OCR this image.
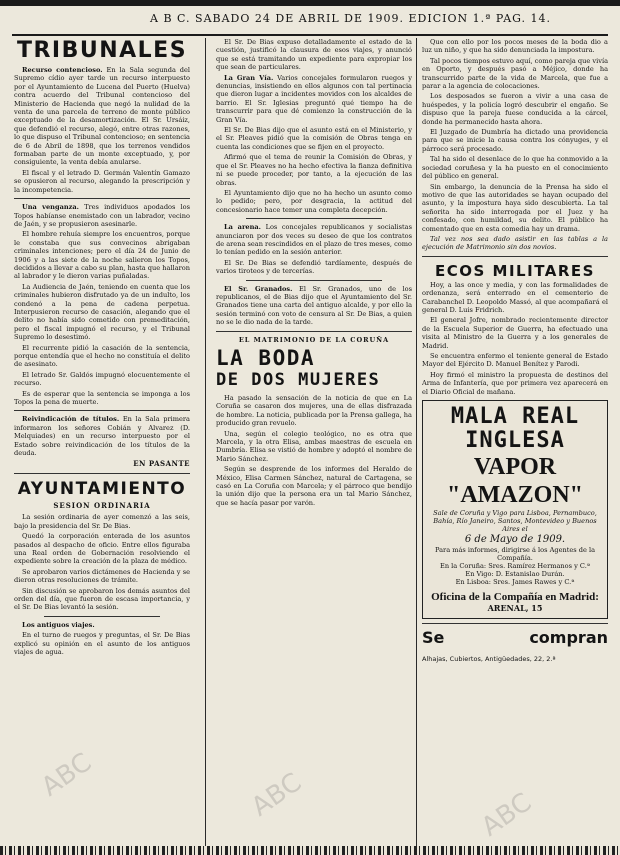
A B C. SABADO 24 DE ABRIL DE 1909. EDICION 1.ª PAG. 14.
TRIBUNALES

Recurso contencioso. En la Sala segunda del Supremo cídio ayer tarde un recurso interpuesto por el Ayuntamiento de Lucena del Puerto (Huelva) contra acuerdo del Tribunal contencioso del Ministerio de Hacienda que negó la nulidad de la venta de una parcela de terreno de monte público exceptuado de la desamortización. El Sr. Ursáiz, que defendió el recurso, alegó, entre otras razones, lo que dispuso el Tribunal contencioso; en sentencia de 6 de Abril de 1898, que los terrenos vendidos formaban parte de un monte exceptuado, y, por consiguiente, la venta debía anularse.

El fiscal y el letrado D. Germán Valentín Gamazo se opusieron al recurso, alegando la prescripción y la incompetencia.

Una venganza. Tres individuos apodados los Topos habíanse enemistado con un labrador, vecino de Jaén, y se propusieron asesinarle.

El hombre rehuía siempre los encuentros, porque le constaba que sus convecinos abrigaban criminales intenciones; pero el día 24 de Junio de 1906 y a las siete de la noche salieron los Topos, decididos a llevar a cabo su plan, hasta que hallaron al labrador y le dieron varias puñaladas.

La Audiencia de Jaén, teniendo en cuenta que los criminales hubieron disfrutado ya de un indulto, los condenó a la pena de cadena perpetua. Interpusieron recurso de casación, alegando que el delito no había sido cometido con premeditación, pero el fiscal impugnó el recurso, y el Tribunal Supremo lo desestimó.

El recurrente pidió la casación de la sentencia, porque entendía que el hecho no constituía el delito de asesinato.

El letrado Sr. Galdós impugnó elocuentemente el recurso.

Es de esperar que la sentencia se imponga a los Topos la pena de muerte.

Reivindicación de títulos. En la Sala primera informaron los señores Cobián y Alvarez (D. Melquiades) en un recurso interpuesto por el Estado sobre reivindicación de los títulos de la deuda.

EN PASANTE
AYUNTAMIENTO
SESION ORDINARIA

La sesión ordinaria de ayer comenzó a las seis, bajo la presidencia del Sr. De Bias.

Quedó la corporación enterada de los asuntos pasados al despacho de oficio. Entre ellos figuraba una Real orden de Gobernación resolviendo el expediente sobre la creación de la plaza de médico.

Se aprobaron varios dictámenes de Hacienda y se dieron otras resoluciones de trámite.

Sin discusión se aprobaron los demás asuntos del orden del día, que fueron de escasa importancia, y el Sr. De Bias levantó la sesión.

Los antiguos viajes.

En el turno de ruegos y preguntas, el Sr. De Bias explicó su opinión en el asunto de los antiguos viajes de agua.

El Sr. De Bias expuso detalladamente el estado de la cuestión, justificó la clausura de esos viajes, y anunció que se está tramitando un expediente para expropiar los que sean de particulares.

La Gran Vía. Varios concejales formularon ruegos y denuncias, insistiendo en ellos algunos con tal pertinacia que dieron lugar a incidentes movidos con los alcaldes de barrio. El Sr. Iglesias preguntó qué tiempo ha de transcurrir para que dé comienzo la construcción de la Gran Vía.

El Sr. De Bias dijo que el asunto está en el Ministerio, y el Sr. Pleaves pidió que la comisión de Obras tenga en cuenta las condiciones que se fijen en el proyecto.

Afirmó que el tema de reunir la Comisión de Obras, y que el Sr. Pleaves no ha hecho efectiva la fianza definitiva ni se puede proceder, por tanto, a la ejecución de las obras.

El Ayuntamiento dijo que no ha hecho un asunto como lo pedido; pero, por desgracia, la actitud del concesionario hace temer una completa decepción.

La arena. Los concejales republicanos y socialistas anunciaron por dos veces su deseo de que los contratos de arena sean rescindidos en el plazo de tres meses, como lo tenían pedido en la sesión anterior.

El Sr. De Bias se defendió tardíamente, después de varios tiroteos y de tercerías.

El Sr. Granados. El Sr. Granados, uno de los republicanos, el de Bias dijo que el Ayuntamiento del Sr. Granados tiene una carta del antiguo alcalde, y por ello la sesión terminó con voto de censura al Sr. De Bias, a quien no se le dio nada de la tarde.

EL MATRIMONIO DE LA CORUÑA
LA BODA
DE DOS MUJERES

Ha pasado la sensación de la noticia de que en La Coruña se casaron dos mujeres, una de ellas disfrazada de hombre. La noticia, publicada por la Prensa gallega, ha producido gran revuelo.

Una, según el colegio teológico, no es otra que Marcela, y la otra Elisa, ambas maestras de escuela en Dumbría. Elisa se vistió de hombre y adoptó el nombre de Mario Sánchez.

Según se desprende de los informes del Heraldo de México, Elisa Carmen Sánchez, natural de Cartagena, se casó en La Coruña con Marcela; y el párroco que bendijo la unión dijo que la persona era un tal Mario Sánchez, que se hacía pasar por varón.

Que con ello por los pocos meses de la boda dio a luz un niño, y que ha sido denunciada la impostura.

Tal pocos tiempos estuvo aquí, como pareja que vivía en Oporto, y después pasó a Méjico, donde ha transcurrido parte de la vida de Marcela, que fue a parar a la agencia de colocaciones.

Los desposados se fueron a vivir a una casa de huéspedes, y la policía logró descubrir el engaño. Se dispuso que la pareja fuese conducida a la cárcel, donde ha permanecido hasta ahora.

El Juzgado de Dumbría ha dictado una providencia para que se inicie la causa contra los cónyuges, y el párroco será procesado.

Tal ha sido el desenlace de lo que ha conmovido a la sociedad coruñesa y la ha puesto en el conocimiento del público en general.

Sin embargo, la denuncia de la Prensa ha sido el motivo de que las autoridades se hayan ocupado del asunto, y la impostura haya sido descubierta. La tal señorita ha sido interrogada por el Juez y ha confesado, con humildad, su delito. El público ha comentado que en esta comedia hay un drama.

Tal vez nos sea dado asistir en las tablas a la ejecución de Matrimonio sin dos novios.

ECOS MILITARES

Hoy, a las once y media, y con las formalidades de ordenanza, será enterrado en el cementerio de Carabanchel D. Leopoldo Massó, al que acompañará el general D. Luis Fridrich.

El general Jofre, nombrado recientemente director de la Escuela Superior de Guerra, ha efectuado una visita al Ministro de la Guerra y a los generales de Madrid.

Se encuentra enfermo el teniente general de Estado Mayor del Ejército D. Manuel Benítez y Parodi.

Hoy firmó el ministro la propuesta de destinos del Arma de Infantería, que por primera vez aparecerá en el Diario Oficial de mañana.

MALA REAL INGLESA
VAPOR "AMAZON"
Sale de Coruña y Vigo para Lisboa, Pernambuco, Bahía, Río Janeiro, Santos, Montevideo y Buenos Aires el
6 de Mayo de 1909.
Para más informes, dirigirse á los Agentes de la Compañía.
En la Coruña: Sres. Ramírez Hermanos y C.ª
En Vigo: D. Estanislao Durán.
En Lisboa: Sres. James Rawes y C.ª
Oficina de la Compañía en Madrid:
ARENAL, 15
Se compran Alhajas, Cubiertos, Antigüedades, 22, 2.ª
ABC	ABC	ABC
